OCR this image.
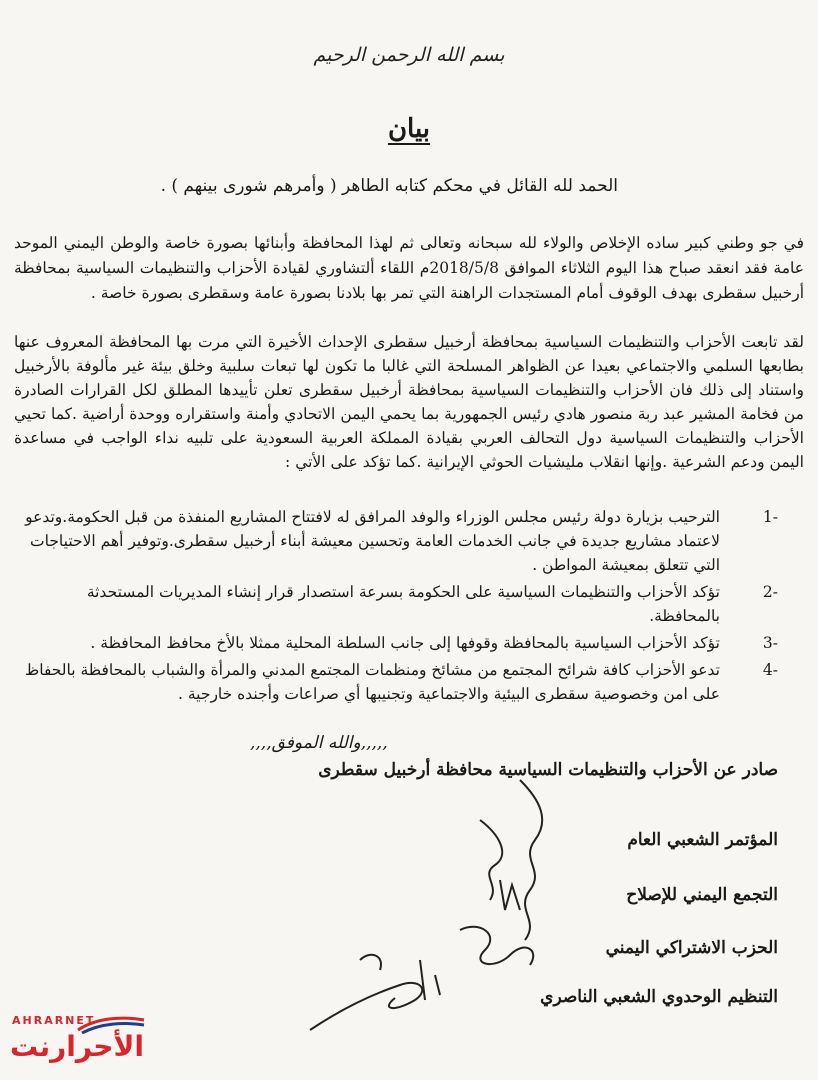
بسم الله الرحمن الرحيم
بيان
الحمد لله القائل في محكم كتابه الطاهر ( وأمرهم شورى بينهم ) .
في جو وطني كبير ساده الإخلاص والولاء لله سبحانه وتعالى ثم لهذا المحافظة وأبنائها بصورة خاصة والوطن اليمني الموحد عامة فقد انعقد صباح هذا اليوم الثلاثاء الموافق 2018/5/8م اللقاء ألتشاوري لقيادة الأحزاب والتنظيمات السياسية بمحافظة أرخبيل سقطرى بهدف الوقوف أمام المستجدات الراهنة التي تمر بها بلادنا بصورة عامة وسقطرى بصورة خاصة .
لقد تابعت الأحزاب والتنظيمات السياسية بمحافظة أرخبيل سقطرى الإحداث الأخيرة التي مرت بها المحافظة المعروف عنها بطابعها السلمي والاجتماعي بعيدا عن الظواهر المسلحة التي غالبا ما تكون لها تبعات سلبية وخلق بيئة غير مألوفة بالأرخبيل واستناد إلى ذلك فان الأحزاب والتنظيمات السياسية بمحافظة أرخبيل سقطرى تعلن تأييدها المطلق لكل القرارات الصادرة من فخامة المشير عبد ربة منصور هادي رئيس الجمهورية بما يحمي اليمن الاتحادي وأمنة واستقراره ووحدة أراضية .كما تحيي الأحزاب والتنظيمات السياسية دول التحالف العربي بقيادة المملكة العربية السعودية على تلبيه نداء الواجب في مساعدة اليمن ودعم الشرعية .وإنها انقلاب مليشيات الحوثي الإيرانية .كما تؤكد على الأتي :
-1
الترحيب بزيارة دولة رئيس مجلس الوزراء والوفد المرافق له لافتتاح المشاريع المنفذة من قبل الحكومة.وتدعو لاعتماد مشاريع جديدة في جانب الخدمات العامة وتحسين معيشة أبناء أرخبيل سقطرى.وتوفير أهم الاحتياجات التي تتعلق بمعيشة المواطن .
-2
تؤكد الأحزاب والتنظيمات السياسية على الحكومة بسرعة استصدار قرار إنشاء المديريات المستحدثة بالمحافظة.
-3
تؤكد الأحزاب السياسية بالمحافظة وقوفها إلى جانب السلطة المحلية ممثلا بالأخ محافظ المحافظة .
-4
تدعو الأحزاب كافة شرائح المجتمع من مشائخ ومنظمات المجتمع المدني والمرأة والشباب بالمحافظة بالحفاظ على امن وخصوصية سقطرى البيئية والاجتماعية وتجنيبها أي صراعات وأجنده خارجية .
,,,,,والله الموفق,,,,
صادر عن الأحزاب والتنظيمات السياسية محافظة أرخبيل سقطرى
المؤتمر الشعبي العام
التجمع اليمني للإصلاح
الحزب الاشتراكي اليمني
التنظيم الوحدوي الشعبي الناصري
AHRARNET
الأحرارنت
